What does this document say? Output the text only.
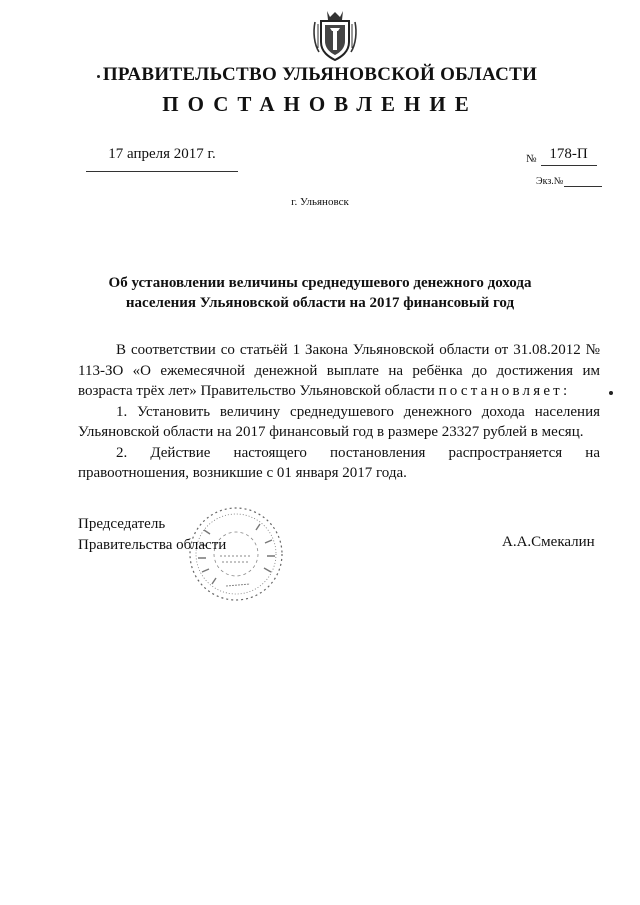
ПРАВИТЕЛЬСТВО УЛЬЯНОВСКОЙ ОБЛАСТИ
ПОСТАНОВЛЕНИЕ
17 апреля 2017 г.	№ 178-П
Экз.№
г. Ульяновск
Об установлении величины среднедушевого денежного дохода
населения Ульяновской области на 2017 финансовый год

В соответствии со статьёй 1 Закона Ульяновской области от 31.08.2012 № 113-ЗО «О ежемесячной денежной выплате на ребёнка до достижения им возраста трёх лет» Правительство Ульяновской области постановляет:

1. Установить величину среднедушевого денежного дохода населения Ульяновской области на 2017 финансовый год в размере 23327 рублей в месяц.

2. Действие настоящего постановления распространяется на правоотношения, возникшие с 01 января 2017 года.

Председатель
Правительства области	А.А.Смекалин
